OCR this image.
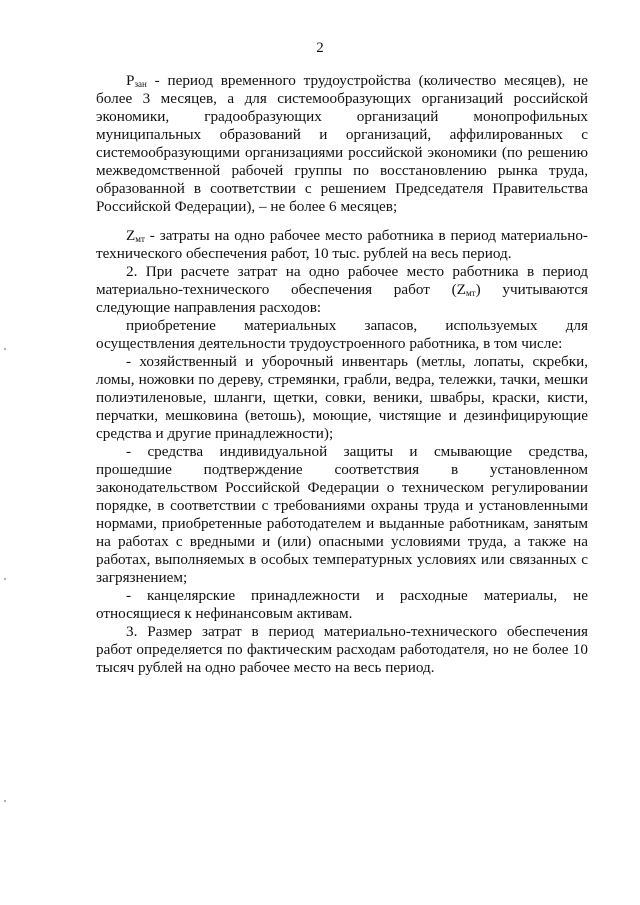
2

$Р_{зан}$ - период временного трудоустройства (количество месяцев), не более 3 месяцев, а для системообразующих организаций российской экономики, градообразующих организаций монопрофильных муниципальных образований и организаций, аффилированных с системообразующими организациями российской экономики (по решению межведомственной рабочей группы по восстановлению рынка труда, образованной в соответствии с решением Председателя Правительства Российской Федерации), – не более 6 месяцев;

$Z_{мт}$ - затраты на одно рабочее место работника в период материально-технического обеспечения работ, 10 тыс. рублей на весь период.

2. При расчете затрат на одно рабочее место работника в период материально-технического обеспечения работ $(Z_{мт})$ учитываются следующие направления расходов:

приобретение материальных запасов, используемых для осуществления деятельности трудоустроенного работника, в том числе:

- хозяйственный и уборочный инвентарь (метлы, лопаты, скребки, ломы, ножовки по дереву, стремянки, грабли, ведра, тележки, тачки, мешки полиэтиленовые, шланги, щетки, совки, веники, швабры, краски, кисти, перчатки, мешковина (ветошь), моющие, чистящие и дезинфицирующие средства и другие принадлежности);

- средства индивидуальной защиты и смывающие средства, прошедшие подтверждение соответствия в установленном законодательством Российской Федерации о техническом регулировании порядке, в соответствии с требованиями охраны труда и установленными нормами, приобретенные работодателем и выданные работникам, занятым на работах с вредными и (или) опасными условиями труда, а также на работах, выполняемых в особых температурных условиях или связанных с загрязнением;

- канцелярские принадлежности и расходные материалы, не относящиеся к нефинансовым активам.

3. Размер затрат в период материально-технического обеспечения работ определяется по фактическим расходам работодателя, но не более 10 тысяч рублей на одно рабочее место на весь период.
